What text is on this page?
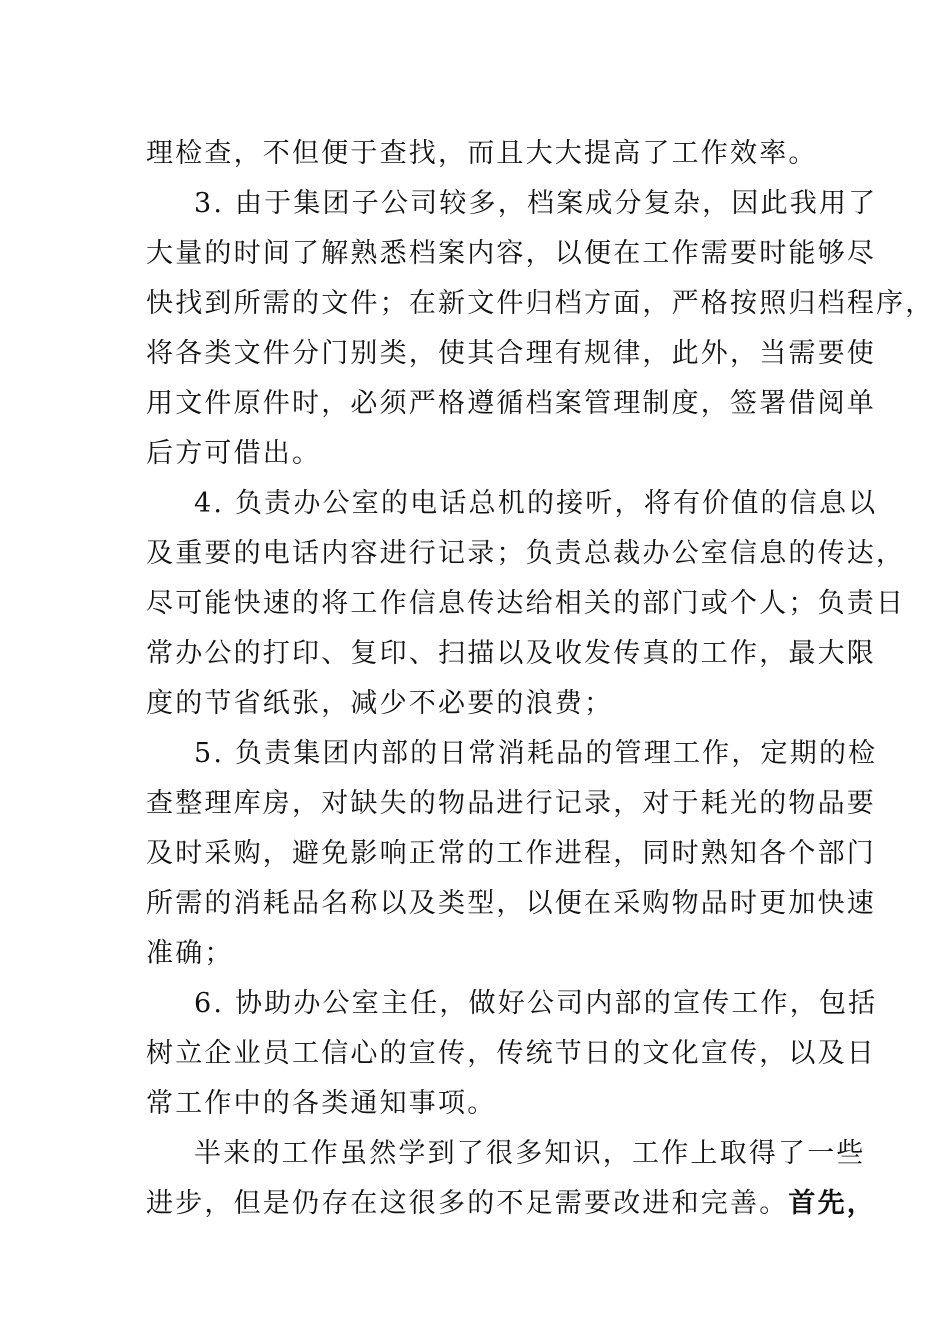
理检查，不但便于查找，而且大大提高了工作效率。
3. 由于集团子公司较多，档案成分复杂，因此我用了
大量的时间了解熟悉档案内容，以便在工作需要时能够尽
快找到所需的文件；在新文件归档方面，严格按照归档程序，
将各类文件分门别类，使其合理有规律，此外，当需要使
用文件原件时，必须严格遵循档案管理制度，签署借阅单
后方可借出。
4. 负责办公室的电话总机的接听，将有价值的信息以
及重要的电话内容进行记录；负责总裁办公室信息的传达，
尽可能快速的将工作信息传达给相关的部门或个人；负责日
常办公的打印、复印、扫描以及收发传真的工作，最大限
度的节省纸张，减少不必要的浪费；
5. 负责集团内部的日常消耗品的管理工作，定期的检
查整理库房，对缺失的物品进行记录，对于耗光的物品要
及时采购，避免影响正常的工作进程，同时熟知各个部门
所需的消耗品名称以及类型，以便在采购物品时更加快速
准确；
6. 协助办公室主任，做好公司内部的宣传工作，包括
树立企业员工信心的宣传，传统节日的文化宣传，以及日
常工作中的各类通知事项。
半来的工作虽然学到了很多知识，工作上取得了一些
进步，但是仍存在这很多的不足需要改进和完善。首先，
